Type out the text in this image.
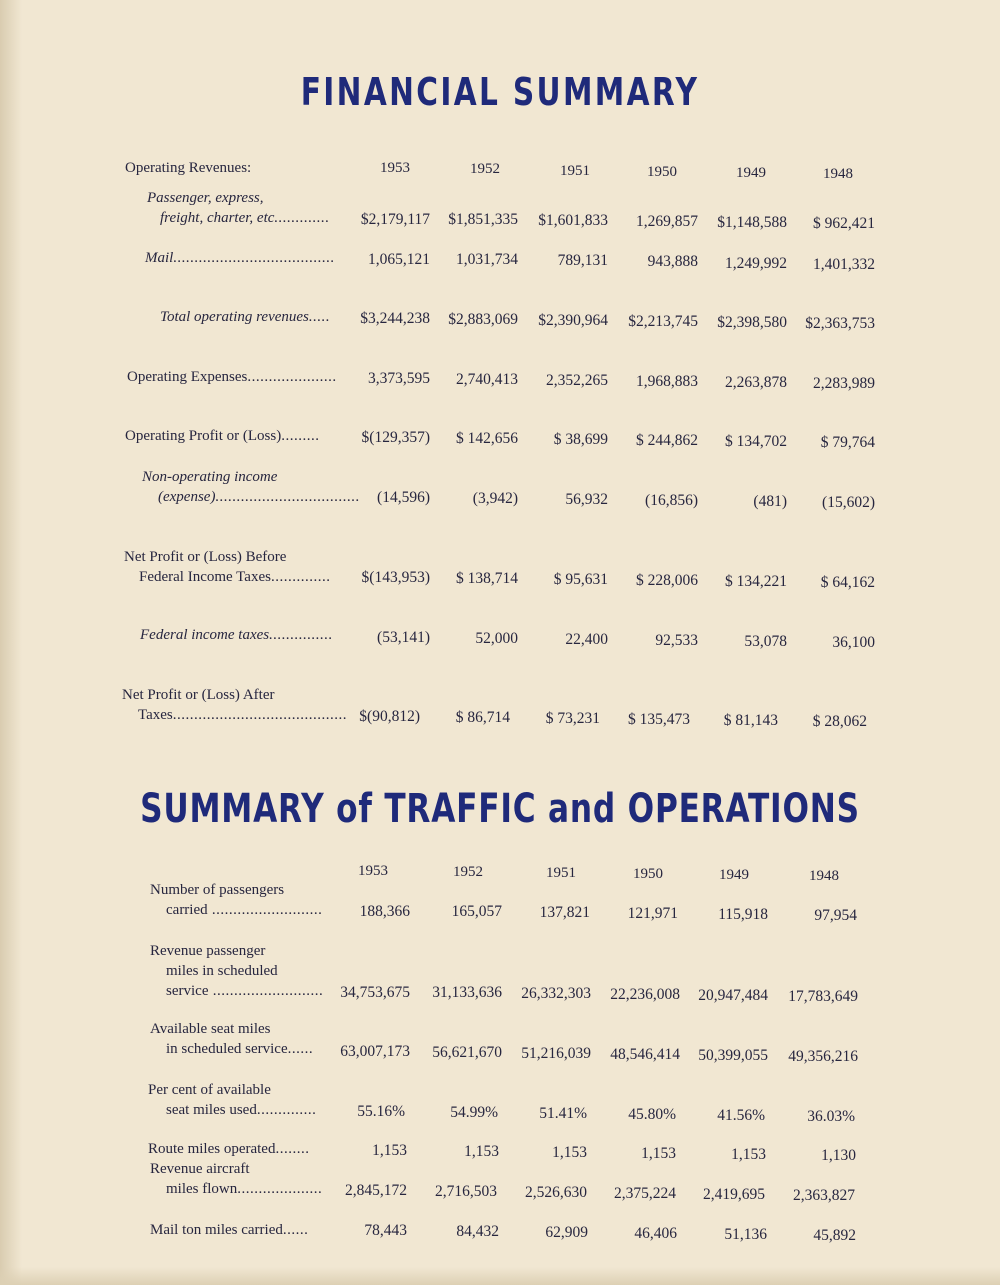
FINANCIAL SUMMARY
Operating Revenues:	1953	1952	1951	1950	1949	1948
Passenger, express,
freight, charter, etc.............	$2,179,117	$1,851,335	$1,601,833	1,269,857	$1,148,588	$ 962,421
Mail......................................	1,065,121	1,031,734	789,131	943,888	1,249,992	1,401,332
Total operating revenues.....	$3,244,238	$2,883,069	$2,390,964	$2,213,745	$2,398,580	$2,363,753
Operating Expenses.....................	3,373,595	2,740,413	2,352,265	1,968,883	2,263,878	2,283,989
Operating Profit or (Loss).........	$(129,357)	$ 142,656	$ 38,699	$ 244,862	$ 134,702	$ 79,764
Non-operating income
(expense)..................................	(14,596)	(3,942)	56,932	(16,856)	(481)	(15,602)
Net Profit or (Loss) Before
Federal Income Taxes..............	$(143,953)	$ 138,714	$ 95,631	$ 228,006	$ 134,221	$ 64,162
Federal income taxes...............	(53,141)	52,000	22,400	92,533	53,078	36,100
Net Profit or (Loss) After
Taxes......................................... $(90,812)	$ 86,714	$ 73,231	$ 135,473	$ 81,143	$ 28,062
SUMMARY of TRAFFIC and OPERATIONS
1953	1952	1951	1950	1949	1948
Number of passengers
carried ..........................	188,366	165,057	137,821	121,971	115,918	97,954
Revenue passenger
miles in scheduled
service ..........................	34,753,675	31,133,636	26,332,303	22,236,008	20,947,484	17,783,649
Available seat miles
in scheduled service......	63,007,173	56,621,670	51,216,039	48,546,414	50,399,055	49,356,216
Per cent of available
seat miles used..............	55.16%	54.99%	51.41%	45.80%	41.56%	36.03%
Route miles operated........	1,153	1,153	1,153	1,153	1,153	1,130
Revenue aircraft
miles flown....................	2,845,172	2,716,503	2,526,630	2,375,224	2,419,695	2,363,827
Mail ton miles carried......	78,443	84,432	62,909	46,406	51,136	45,892
